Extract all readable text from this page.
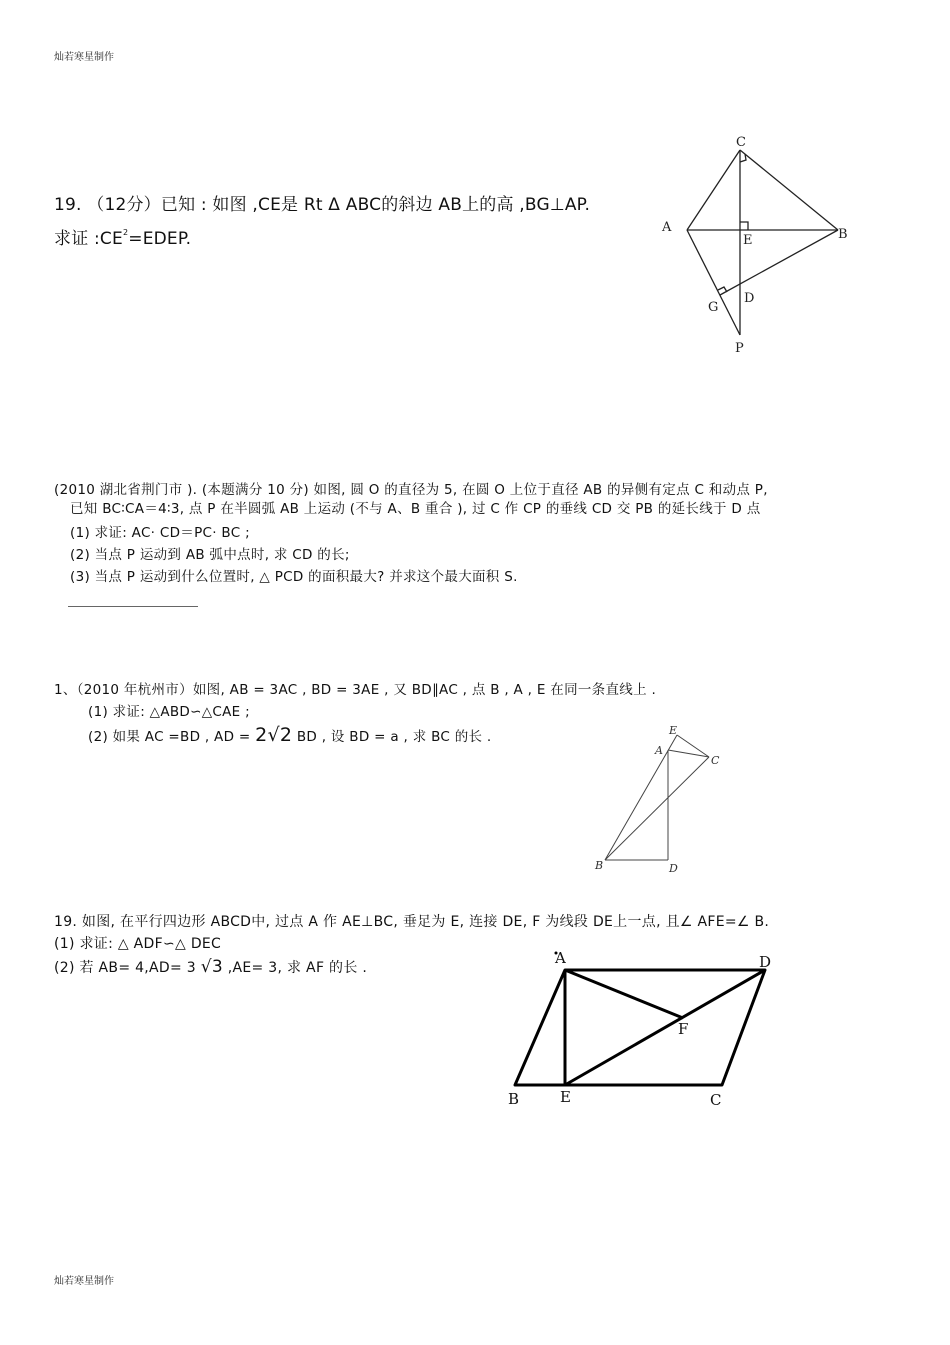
灿若寒星制作
灿若寒星制作
19. （12分）已知 : 如图 ,CE是 Rt Δ ABC的斜边 AB上的高 ,BG⊥AP.
求证 $:CE^2=EDEP$.
C
A
E	B
G
D
P
(2010 湖北省荆门市 ). (本题满分 10 分) 如图, 圆 O 的直径为 5, 在圆 O 上位于直径 AB 的异侧有定点 C 和动点 P,
已知 BC∶CA＝4∶3, 点 P 在半圆弧 AB 上运动 (不与 A、B 重合 ), 过 C 作 CP 的垂线 CD 交 PB 的延长线于 D 点
(1) 求证: AC· CD＝PC· BC ;
(2) 当点 P 运动到 AB 弧中点时, 求 CD 的长;
(3) 当点 P 运动到什么位置时, △ PCD 的面积最大? 并求这个最大面积 S.
1、（2010 年杭州市）如图, AB = 3AC , BD = 3AE , 又 BD∥AC , 点 B , A , E 在同一条直线上 .
(1) 求证: △ABD∽△CAE ;
(2) 如果 AC =BD , AD = 2√2 BD , 设 BD = a , 求 BC 的长 .	E
A
C
B	D
19. 如图, 在平行四边形 ABCD中, 过点 A 作 AE⊥BC, 垂足为 E, 连接 DE, F 为线段 DE上一点, 且∠ AFE=∠ B.
(1) 求证: △ ADF∽△ DEC
(2) 若 AB= 4,AD= 3 √3 ,AE= 3, 求 AF 的长 .
A	D
F
B	E	C
